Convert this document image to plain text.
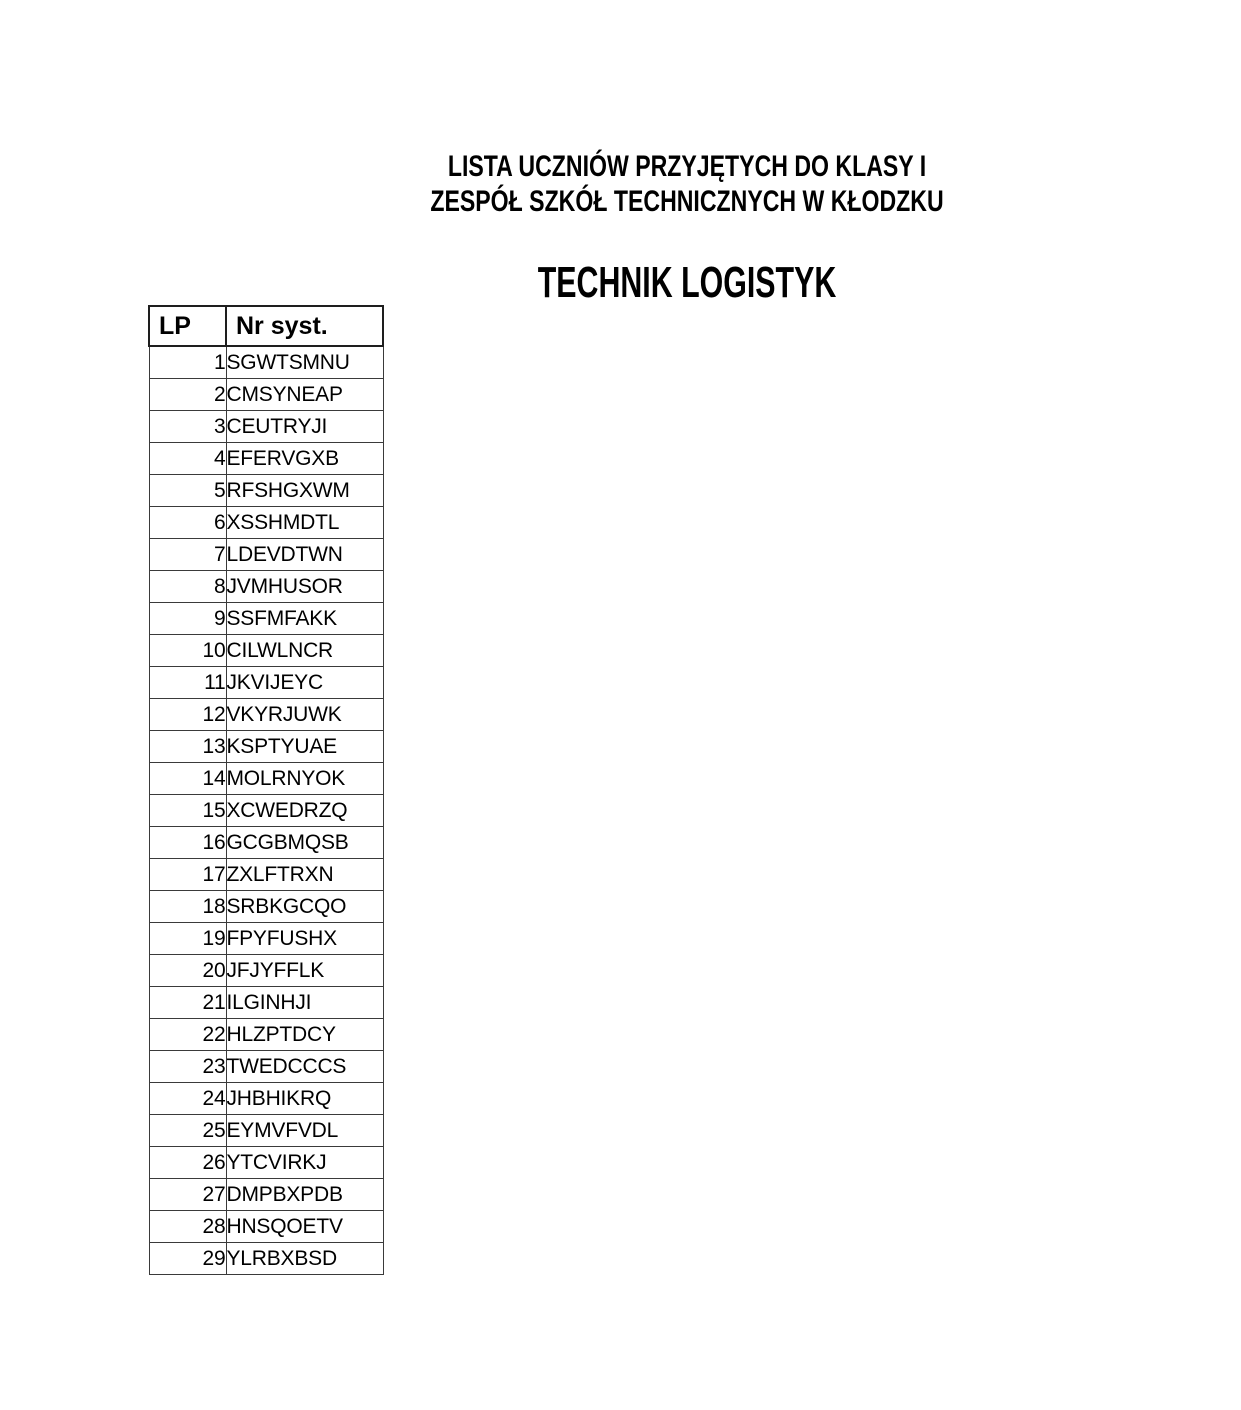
LISTA UCZNIÓW PRZYJĘTYCH DO KLASY I
ZESPÓŁ SZKÓŁ TECHNICZNYCH W KŁODZKU
TECHNIK LOGISTYK
LP	Nr syst.
1	SGWTSMNU
2	CMSYNEAP
3	CEUTRYJI
4	EFERVGXB
5	RFSHGXWM
6	XSSHMDTL
7	LDEVDTWN
8	JVMHUSOR
9	SSFMFAKK
10	CILWLNCR
11	JKVIJEYC
12	VKYRJUWK
13	KSPTYUAE
14	MOLRNYOK
15	XCWEDRZQ
16	GCGBMQSB
17	ZXLFTRXN
18	SRBKGCQO
19	FPYFUSHX
20	JFJYFFLK
21	ILGINHJI
22	HLZPTDCY
23	TWEDCCCS
24	JHBHIKRQ
25	EYMVFVDL
26	YTCVIRKJ
27	DMPBXPDB
28	HNSQOETV
29	YLRBXBSD
